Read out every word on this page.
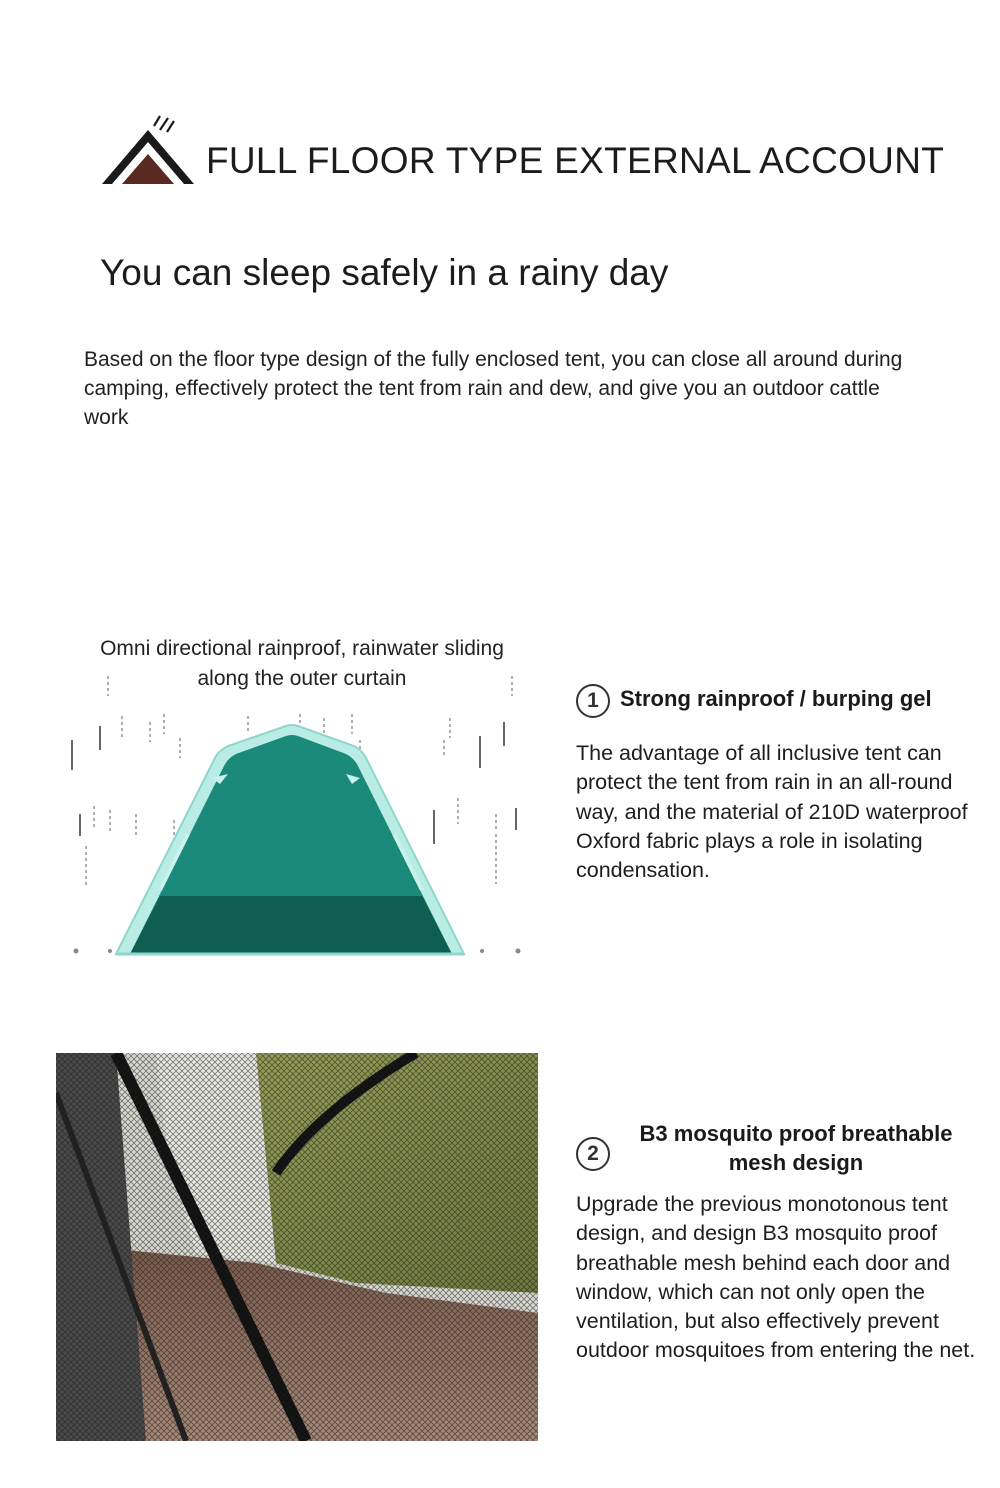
FULL FLOOR TYPE EXTERNAL ACCOUNT
You can sleep safely in a rainy day
Based on the floor type design of the fully enclosed tent, you can close all around during camping, effectively protect the tent from rain and dew, and give you an outdoor cattle work
Omni directional rainproof, rainwater sliding along the outer curtain
1 Strong rainproof / burping gel
The advantage of all inclusive tent can protect the tent from rain in an all-round way, and the material of 210D waterproof Oxford fabric plays a role in isolating condensation.
2
B3 mosquito proof breathable mesh design
Upgrade the previous monotonous tent design, and design B3 mosquito proof breathable mesh behind each door and window, which can not only open the ventilation, but also effectively prevent outdoor mosquitoes from entering the net.
